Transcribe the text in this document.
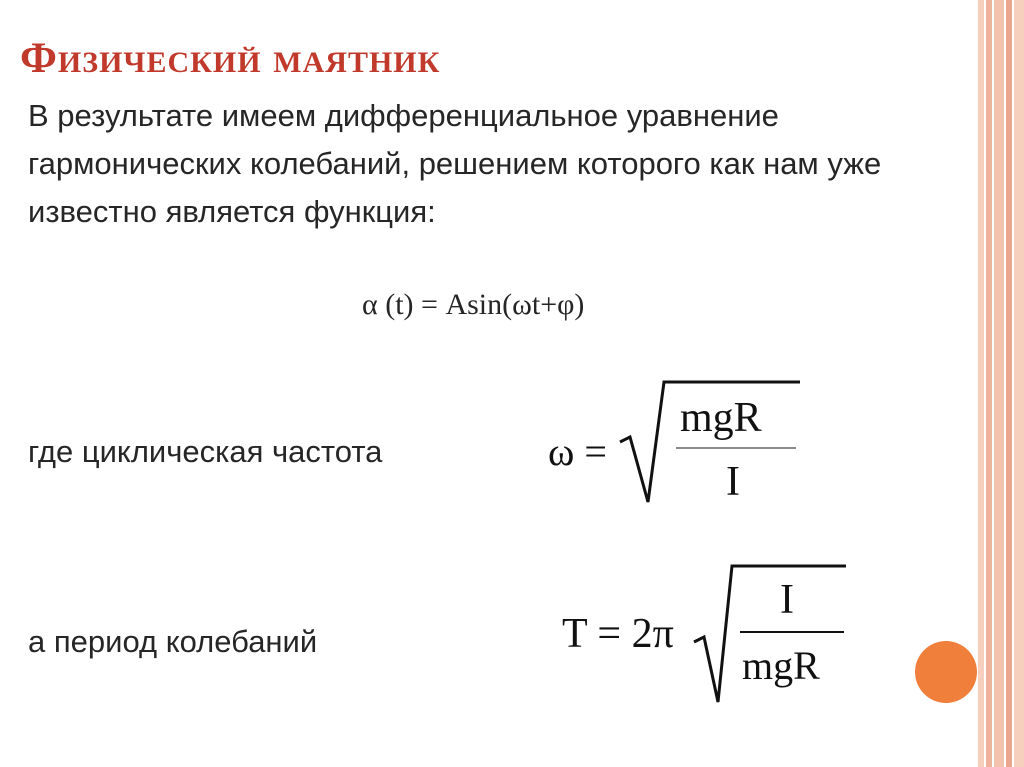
Физический маятник

В результате имеем дифференциальное уравнение гармонических колебаний, решением которого как нам уже известно является функция:

α (t) = Asin(ωt+φ)
где циклическая частота	ω =
mgR
I
а период колебаний	T = 2π
I
mgR
